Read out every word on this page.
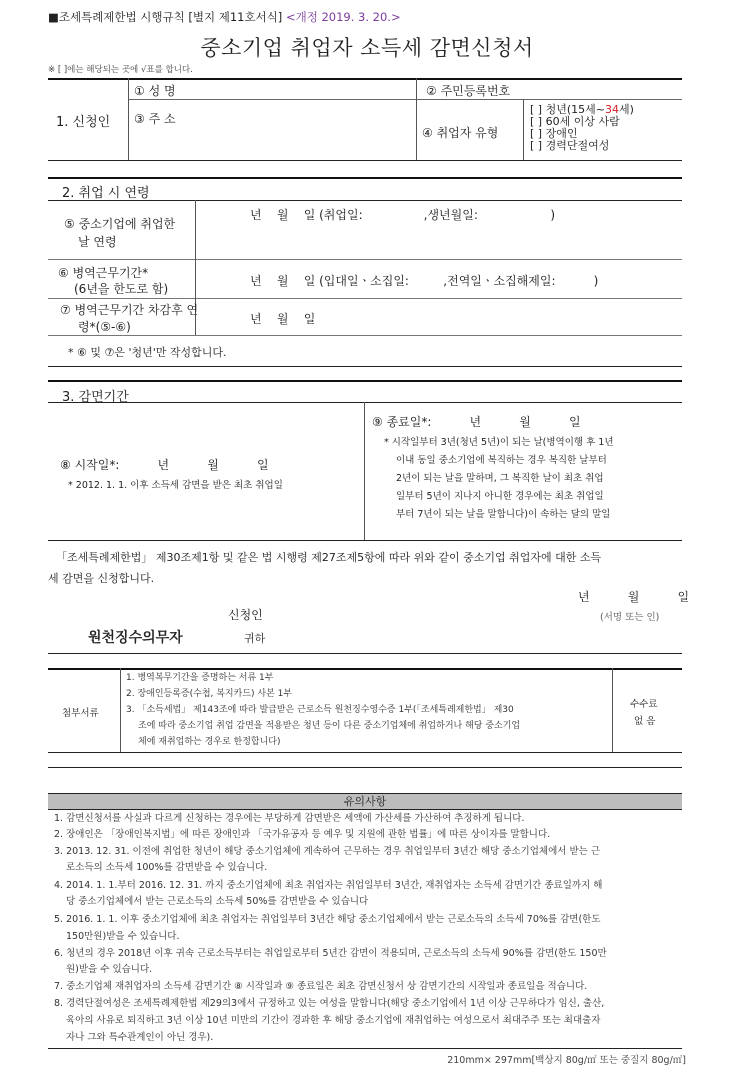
■조세특례제한법 시행규칙 [별지 제11호서식] <개정 2019. 3. 20.>
중소기업 취업자 소득세 감면신청서
※ [ ]에는 해당되는 곳에 √표를 합니다.
1. 신청인
① 성 명	② 주민등록번호
③ 주 소
④ 취업자 유형
[ ] 청년(15세~34세)
[ ] 60세 이상 사람
[ ] 장애인
[ ] 경력단절여성
2. 취업 시 연령
⑤ 중소기업에 취업한
날 연령
년    월    일 (취업일:                ,생년월일:                   )
⑥ 병역근무기간*
(6년을 한도로 함)
년    월    일 (입대일ㆍ소집일:         ,전역일ㆍ소집해제일:          )
⑦ 병역근무기간 차감후 연
령*(⑤-⑥)
년    월    일
* ⑥ 및 ⑦은 '청년'만 작성합니다.
3. 감면기간
⑧ 시작일*:          년          월          일
* 2012. 1. 1. 이후 소득세 감면을 받은 최초 취업일
⑨ 종료일*:          년          월          일
* 시작일부터 3년(청년 5년)이 되는 날(병역이행 후 1년
이내 동일 중소기업에 복직하는 경우 복직한 날부터
2년이 되는 날을 말하며, 그 복직한 날이 최초 취업
일부터 5년이 지나지 아니한 경우에는 최초 취업일
부터 7년이 되는 날을 말합니다)이 속하는 달의 말일
「조세특례제한법」 제30조제1항 및 같은 법 시행령 제27조제5항에 따라 위와 같이 중소기업 취업자에 대한 소득
세 감면을 신청합니다.
년          월          일
신청인	(서명 또는 인)
원천징수의무자	귀하
첨부서류
1. 병역복무기간을 증명하는 서류 1부
2. 장애인등록증(수첩, 복지카드) 사본 1부
3. 「소득세법」 제143조에 따라 발급받은 근로소득 원천징수영수증 1부(「조세특례제한법」 제30
조에 따라 중소기업 취업 감면을 적용받은 청년 등이 다른 중소기업체에 취업하거나 해당 중소기업
체에 재취업하는 경우로 한정합니다)
수수료
없 음
유의사항
1. 감면신청서를 사실과 다르게 신청하는 경우에는 부당하게 감면받은 세액에 가산세를 가산하여 추징하게 됩니다.
2. 장애인은 「장애인복지법」에 따른 장애인과 「국가유공자 등 예우 및 지원에 관한 법률」에 따른 상이자를 말합니다.
3. 2013. 12. 31. 이전에 취업한 청년이 해당 중소기업체에 계속하여 근무하는 경우 취업일부터 3년간 해당 중소기업체에서 받는 근
로소득의 소득세 100%를 감면받을 수 있습니다.
4. 2014. 1. 1.부터 2016. 12. 31. 까지 중소기업체에 최초 취업자는 취업일부터 3년간, 재취업자는 소득세 감면기간 종료일까지 해
당 중소기업체에서 받는 근로소득의 소득세 50%를 감면받을 수 있습니다
5. 2016. 1. 1. 이후 중소기업체에 최초 취업자는 취업일부터 3년간 해당 중소기업체에서 받는 근로소득의 소득세 70%를 감면(한도
150만원)받을 수 있습니다.
6. 청년의 경우 2018년 이후 귀속 근로소득부터는 취업일로부터 5년간 감면이 적용되며, 근로소득의 소득세 90%를 감면(한도 150만
원)받을 수 있습니다.
7. 중소기업체 재취업자의 소득세 감면기간 ⑧ 시작일과 ⑨ 종료일은 최초 감면신청서 상 감면기간의 시작일과 종료일을 적습니다.
8. 경력단절여성은 조세특례제한법 제29의3에서 규정하고 있는 여성을 말합니다(해당 중소기업에서 1년 이상 근무하다가 임신, 출산,
육아의 사유로 퇴직하고 3년 이상 10년 미만의 기간이 경과한 후 해당 중소기업에 재취업하는 여성으로서 최대주주 또는 최대출자
자나 그와 특수관계인이 아닌 경우).
210mm× 297mm[백상지 80g/㎡ 또는 중질지 80g/㎡]
